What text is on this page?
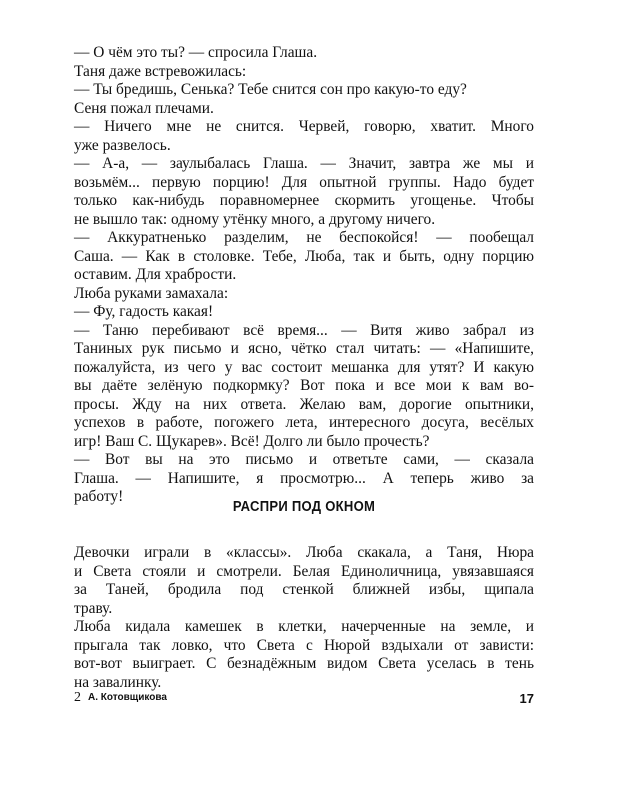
— О чём это ты? — спросила Глаша.
Таня даже встревожилась:
— Ты бредишь, Сенька? Тебе снится сон про какую-то еду?
Сеня пожал плечами.
— Ничего мне не снится. Червей, говорю, хватит. Много
уже развелось.
— А-а, — заулыбалась Глаша. — Значит, завтра же мы и
возьмём... первую порцию! Для опытной группы. Надо будет
только как-нибудь поравномернее скормить угощенье. Чтобы
не вышло так: одному утёнку много, а другому ничего.
— Аккуратненько разделим, не беспокойся! — пообещал
Саша. — Как в столовке. Тебе, Люба, так и быть, одну порцию
оставим. Для храбрости.
Люба руками замахала:
— Фу, гадость какая!
— Таню перебивают всё время... — Витя живо забрал из
Таниных рук письмо и ясно, чётко стал читать: — «Напишите,
пожалуйста, из чего у вас состоит мешанка для утят? И какую
вы даёте зелёную подкормку? Вот пока и все мои к вам во-
просы. Жду на них ответа. Желаю вам, дорогие опытники,
успехов в работе, погожего лета, интересного досуга, весёлых
игр! Ваш С. Щукарев». Всё! Долго ли было прочесть?
— Вот вы на это письмо и ответьте сами, — сказала
Глаша. — Напишите, я просмотрю... А теперь живо за
работу!
РАСПРИ ПОД ОКНОМ
Девочки играли в «классы». Люба скакала, а Таня, Нюра
и Света стояли и смотрели. Белая Единоличница, увязавшаяся
за Таней, бродила под стенкой ближней избы, щипала
траву.
Люба кидала камешек в клетки, начерченные на земле, и
прыгала так ловко, что Света с Нюрой вздыхали от зависти:
вот-вот выиграет. С безнадёжным видом Света уселась в тень
на завалинку.
2 А. Котовщикова	17
